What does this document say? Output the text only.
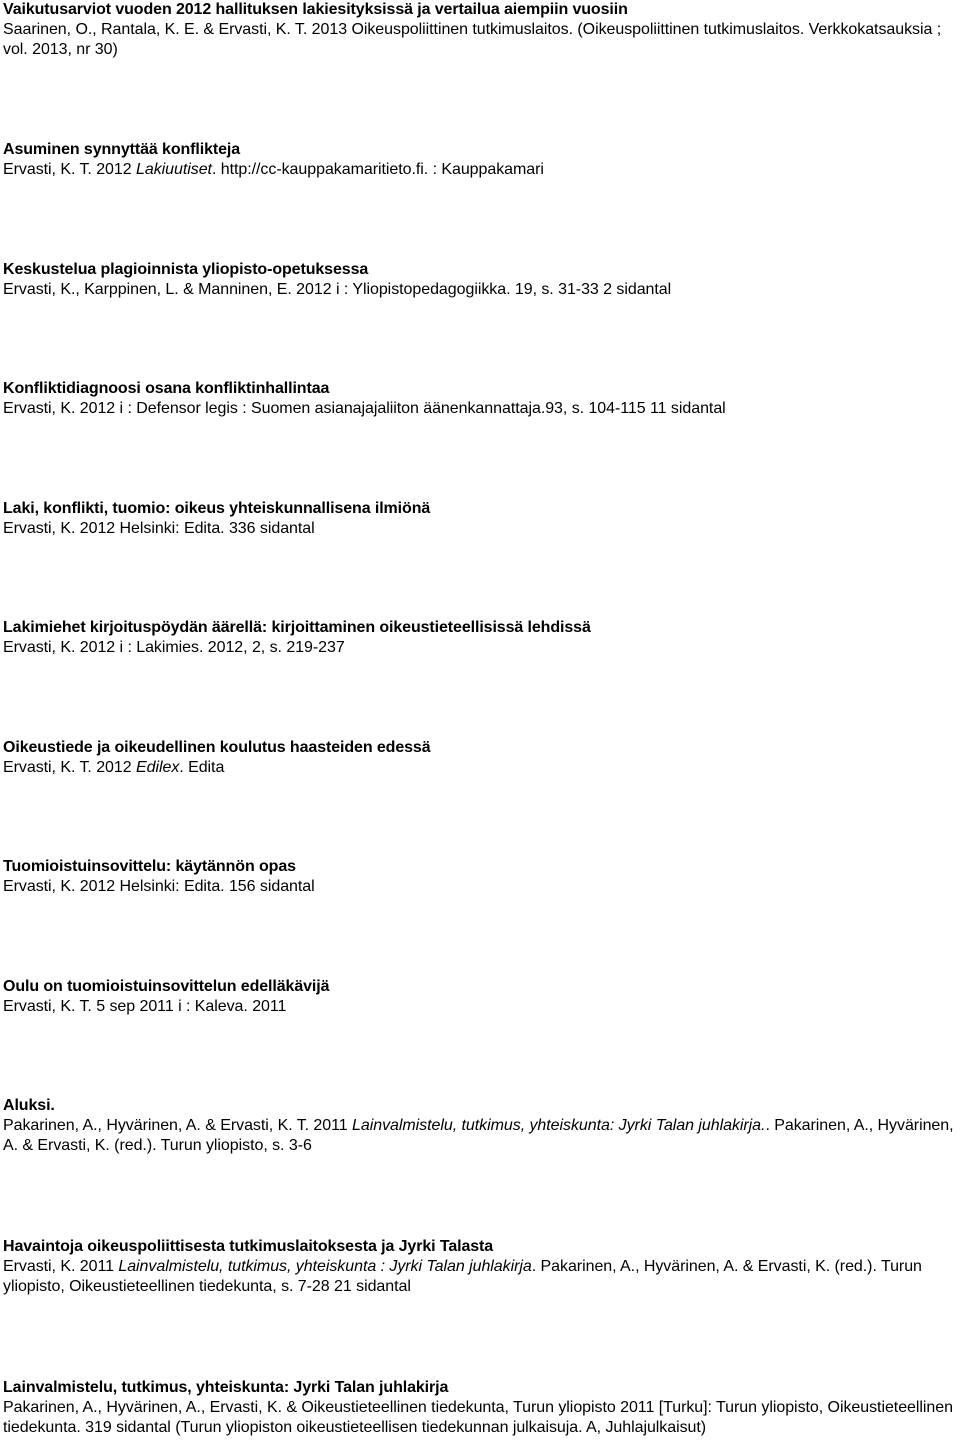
Vaikutusarviot vuoden 2012 hallituksen lakiesityksissä ja vertailua aiempiin vuosiin
Saarinen, O., Rantala, K. E. & Ervasti, K. T. 2013 Oikeuspoliittinen tutkimuslaitos. (Oikeuspoliittinen tutkimuslaitos. Verkkokatsauksia ; vol. 2013, nr 30)
Asuminen synnyttää konflikteja
Ervasti, K. T. 2012 Lakiuutiset. http://cc-kauppakamaritieto.fi. : Kauppakamari
Keskustelua plagioinnista yliopisto-opetuksessa
Ervasti, K., Karppinen, L. & Manninen, E. 2012 i : Yliopistopedagogiikka. 19, s. 31-33 2 sidantal
Konfliktidiagnoosi osana konfliktinhallintaa
Ervasti, K. 2012 i : Defensor legis : Suomen asianajajaliiton äänenkannattaja.93, s. 104-115 11 sidantal
Laki, konflikti, tuomio: oikeus yhteiskunnallisena ilmiönä
Ervasti, K. 2012 Helsinki: Edita. 336 sidantal
Lakimiehet kirjoituspöydän äärellä: kirjoittaminen oikeustieteellisissä lehdissä
Ervasti, K. 2012 i : Lakimies. 2012, 2, s. 219-237
Oikeustiede ja oikeudellinen koulutus haasteiden edessä
Ervasti, K. T. 2012 Edilex. Edita
Tuomioistuinsovittelu: käytännön opas
Ervasti, K. 2012 Helsinki: Edita. 156 sidantal
Oulu on tuomioistuinsovittelun edelläkävijä
Ervasti, K. T. 5 sep 2011 i : Kaleva. 2011
Aluksi.
Pakarinen, A., Hyvärinen, A. & Ervasti, K. T. 2011 Lainvalmistelu, tutkimus, yhteiskunta: Jyrki Talan juhlakirja.. Pakarinen, A., Hyvärinen, A. & Ervasti, K. (red.). Turun yliopisto, s. 3-6
Havaintoja oikeuspoliittisesta tutkimuslaitoksesta ja Jyrki Talasta
Ervasti, K. 2011 Lainvalmistelu, tutkimus, yhteiskunta : Jyrki Talan juhlakirja. Pakarinen, A., Hyvärinen, A. & Ervasti, K. (red.). Turun yliopisto, Oikeustieteellinen tiedekunta, s. 7-28 21 sidantal
Lainvalmistelu, tutkimus, yhteiskunta: Jyrki Talan juhlakirja
Pakarinen, A., Hyvärinen, A., Ervasti, K. & Oikeustieteellinen tiedekunta, Turun yliopisto 2011 [Turku]: Turun yliopisto, Oikeustieteellinen tiedekunta. 319 sidantal (Turun yliopiston oikeustieteellisen tiedekunnan julkaisuja. A, Juhlajulkaisut)
